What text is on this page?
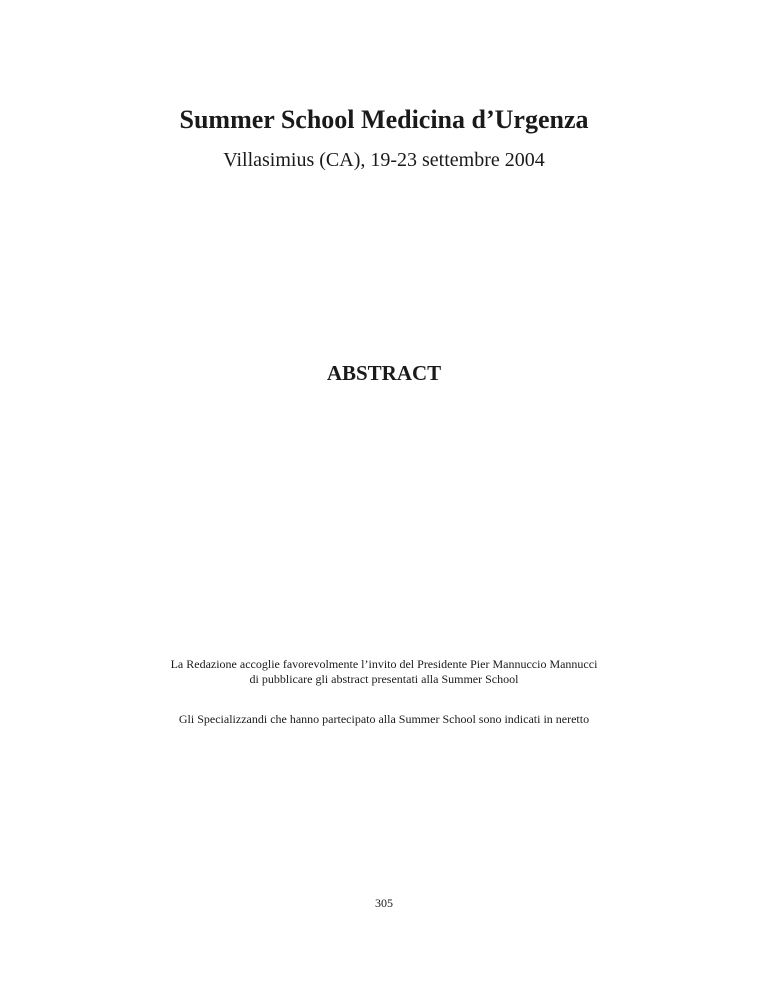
Summer School Medicina d’Urgenza

Villasimius (CA), 19-23 settembre 2004

ABSTRACT

La Redazione accoglie favorevolmente l’invito del Presidente Pier Mannuccio Mannucci

di pubblicare gli abstract presentati alla Summer School

Gli Specializzandi che hanno partecipato alla Summer School sono indicati in neretto

305
